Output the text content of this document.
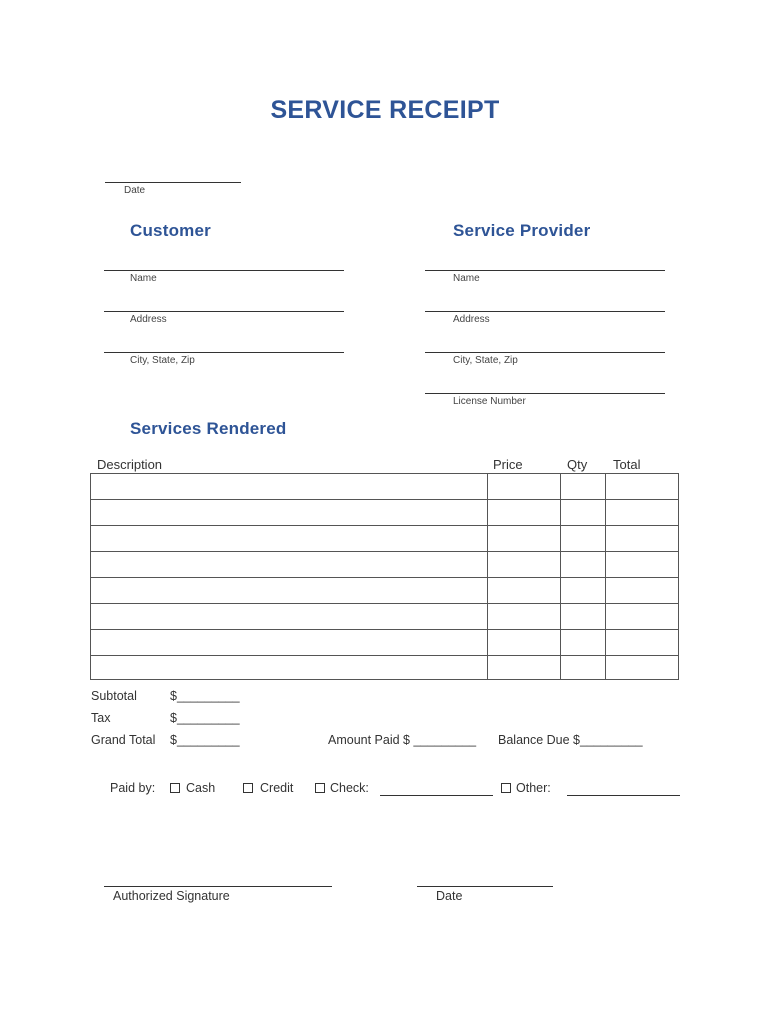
SERVICE RECEIPT
Date
Customer
Name
Address
City, State, Zip
Service Provider
Name
Address
City, State, Zip
License Number
Services Rendered
Description	Price	Qty Total
Subtotal	$_________
Tax	$_________
Grand Total $_________	Amount Paid $ _________ Balance Due $_________
Paid by: Cash	Credit	Check:	Other:
Authorized Signature	Date
